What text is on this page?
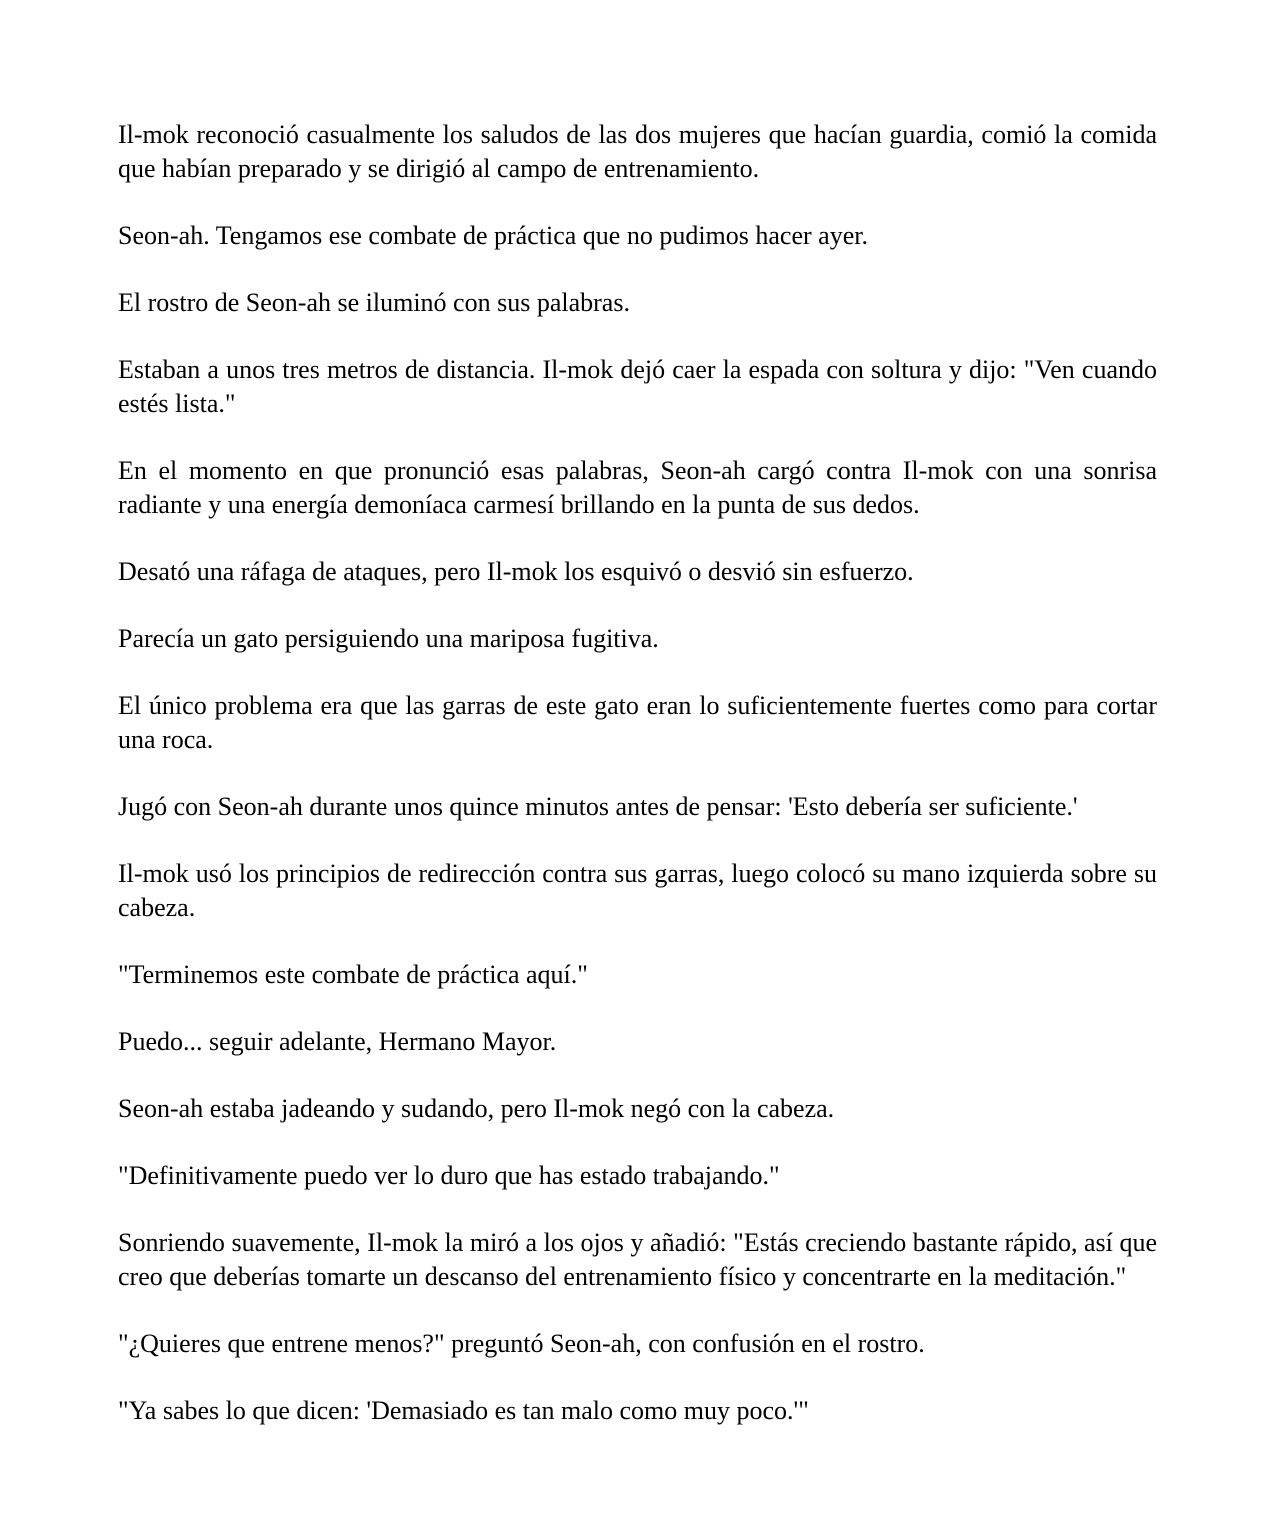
Il-mok reconoció casualmente los saludos de las dos mujeres que hacían guardia, comió la comida que habían preparado y se dirigió al campo de entrenamiento.

Seon-ah. Tengamos ese combate de práctica que no pudimos hacer ayer.

El rostro de Seon-ah se iluminó con sus palabras.

Estaban a unos tres metros de distancia. Il-mok dejó caer la espada con soltura y dijo: "Ven cuando estés lista."

En el momento en que pronunció esas palabras, Seon-ah cargó contra Il-mok con una sonrisa radiante y una energía demoníaca carmesí brillando en la punta de sus dedos.

Desató una ráfaga de ataques, pero Il-mok los esquivó o desvió sin esfuerzo.

Parecía un gato persiguiendo una mariposa fugitiva.

El único problema era que las garras de este gato eran lo suficientemente fuertes como para cortar una roca.

Jugó con Seon-ah durante unos quince minutos antes de pensar: 'Esto debería ser suficiente.'

Il-mok usó los principios de redirección contra sus garras, luego colocó su mano izquierda sobre su cabeza.

"Terminemos este combate de práctica aquí."

Puedo... seguir adelante, Hermano Mayor.

Seon-ah estaba jadeando y sudando, pero Il-mok negó con la cabeza.

"Definitivamente puedo ver lo duro que has estado trabajando."

Sonriendo suavemente, Il-mok la miró a los ojos y añadió: "Estás creciendo bastante rápido, así que creo que deberías tomarte un descanso del entrenamiento físico y concentrarte en la meditación."

"¿Quieres que entrene menos?" preguntó Seon-ah, con confusión en el rostro.

"Ya sabes lo que dicen: 'Demasiado es tan malo como muy poco.'"
